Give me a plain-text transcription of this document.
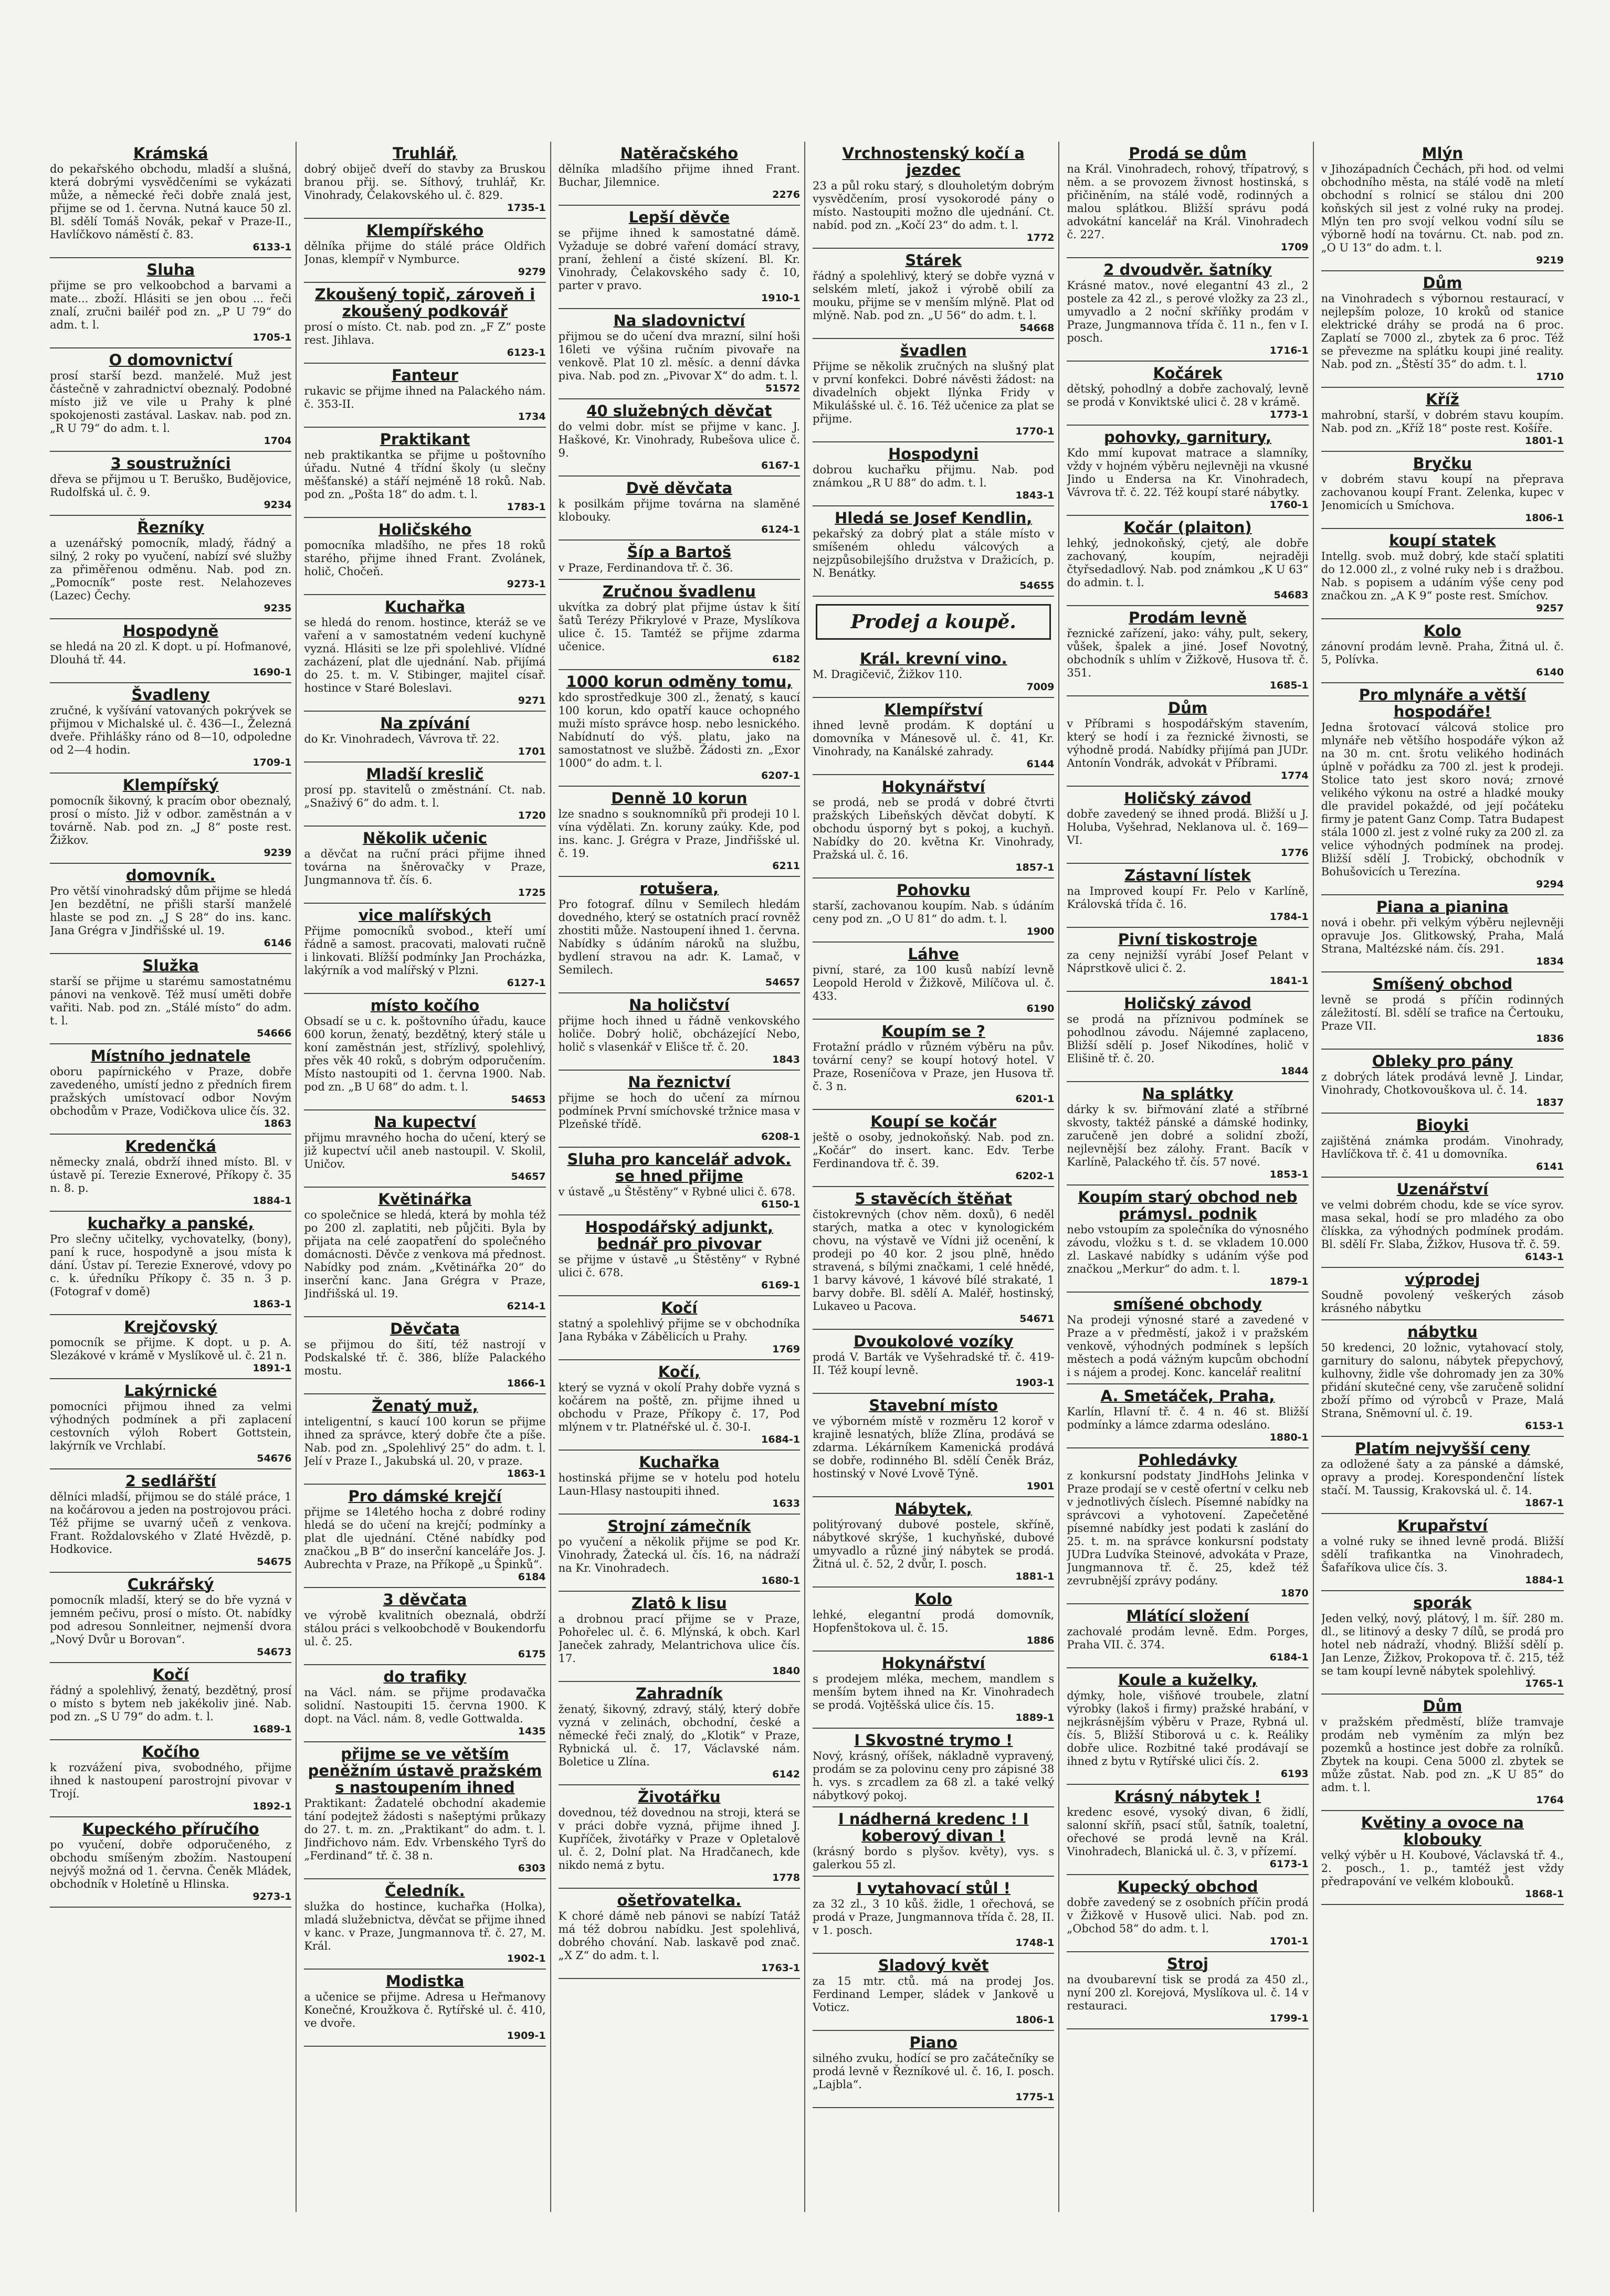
Krámská

do pekařského obchodu, mladší a slušná, která dobrými vysvědčeními se vykázati může, a německé řeči dobře znalá jest, přijme se od 1. června. Nutná kauce 50 zl. Bl. sdělí Tomáš Novák, pekař v Praze-II., Havlíčkovo náměstí č. 83.

6133-1
Sluha

přijme se pro velkoobchod a barvami a mate... zboží. Hlásiti se jen obou ... řeči znalí, zručni bailéř pod zn. „P U 79“ do adm. t. l.

1705-1
O domovnictví

prosí starší bezd. manželé. Muž jest částečně v zahradnictví obeznalý. Podobné místo již ve vile u Prahy k plné spokojenosti zastával. Laskav. nab. pod zn. „R U 79“ do adm. t. l.

1704
3 soustružníci

dřeva se přijmou u T. Beruško, Budějovice, Rudolfská ul. č. 9.

9234
Řezníky

a uzenářský pomocník, mladý, řádný a silný, 2 roky po vyučení, nabízí své služby za přiměřenou odměnu. Nab. pod zn. „Pomocník“ poste rest. Nelahozeves (Lazec) Čechy.

9235
Hospodyně

se hledá na 20 zl. K dopt. u pí. Hofmanové, Dlouhá tř. 44.

1690-1
Švadleny

zručné, k vyšívání vatovaných pokrývek se přijmou v Michalské ul. č. 436—I., Železná dveře. Přihlášky ráno od 8—10, odpoledne od 2—4 hodin.

1709-1
Klempířský

pomocník šikovný, k pracím obor obeznalý, prosí o místo. Již v odbor. zaměstnán a v továrně. Nab. pod zn. „J 8“ poste rest. Žižkov.

9239
domovník.

Pro větší vinohradský dům přijme se hledá Jen bezdětní, ne přišli starší manželé hlaste se pod zn. „J S 28“ do ins. kanc. Jana Grégra v Jindřišské ul. 19.

6146
Služka

starší se přijme u starému samostatnému pánovi na venkově. Též musí uměti dobře vařiti. Nab. pod zn. „Stálé místo“ do adm. t. l.

54666
Místního jednatele

oboru papírnického v Praze, dobře zavedeného, umístí jedno z předních firem pražských umístovací odbor Novým obchodům v Praze, Vodičkova ulice čís. 32.

1863
Kredenčká

německy znalá, obdrží ihned místo. Bl. v ústavě pí. Terezie Exnerové, Příkopy č. 35 n. 8. p.

1884-1
kuchařky a panské,

Pro slečny učitelky, vychovatelky, (bony), paní k ruce, hospodyně a jsou místa k dání. Ústav pí. Terezie Exnerové, vdovy po c. k. úředníku Příkopy č. 35 n. 3 p. (Fotograf v domě)

1863-1
Krejčovský

pomocník se přijme. K dopt. u p. A. Slezákové v krámě v Myslíkově ul. č. 21 n.

1891-1
Lakýrnické

pomocníci přijmou ihned za velmi výhodných podmínek a při zaplacení cestovních výloh Robert Gottstein, lakýrník ve Vrchlabí.

54676
2 sedlářští

dělníci mladší, přijmou se do stálé práce, 1 na kočárovou a jeden na postrojovou práci. Též přijme se uvarný učeň z venkova. Frant. Roždalovského v Zlaté Hvězdě, p. Hodkovice.

54675
Cukrářský

pomocník mladší, který se do bře vyzná v jemném pečivu, prosí o místo. Ot. nabídky pod adresou Sonnleitner, nejmenší dvora „Nový Dvůr u Borovan“.

54673
Kočí

řádný a spolehlivý, ženatý, bezdětný, prosí o místo s bytem neb jakékoliv jiné. Nab. pod zn. „S U 79“ do adm. t. l.

1689-1
Kočího

k rozvážení piva, svobodného, přijme ihned k nastoupení parostrojní pivovar v Trojí.

1892-1
Kupeckého příručího

po vyučení, dobře odporučeného, z obchodu smíšeným zbožím. Nastoupení nejvýš možná od 1. června. Čeněk Mládek, obchodník v Holetíně u Hlinska.

9273-1
Truhlář,

dobrý obiječ dveří do stavby za Bruskou branou přij. se. Síthový, truhlář, Kr. Vinohrady, Čelakovského ul. č. 829.

1735-1
Klempířského

dělníka přijme do stálé práce Oldřich Jonas, klempíř v Nymburce.

9279
Zkoušený topič, zároveň i zkoušený podkovář

prosí o místo. Ct. nab. pod zn. „F Z“ poste rest. Jihlava.

6123-1
Fanteur

rukavic se přijme ihned na Palackého nám. č. 353-II.

1734
Praktikant

neb praktikantka se přijme u poštovního úřadu. Nutné 4 třídní školy (u slečny měšťanské) a stáří nejméně 18 roků. Nab. pod zn. „Pošta 18“ do adm. t. l.

1783-1
Holičského

pomocníka mladšího, ne přes 18 roků starého, přijme ihned Frant. Zvolánek, holič, Chočeň.

9273-1
Kuchařka

se hledá do renom. hostince, kteráž se ve vaření a v samostatném vedení kuchyně vyzná. Hlásiti se lze při spolehlivé. Vlídné zacházení, plat dle ujednání. Nab. přijímá do 25. t. m. V. Stibinger, majitel císař. hostince v Staré Boleslavi.

9271
Na zpívání

do Kr. Vinohradech, Vávrova tř. 22.

1701
Mladší kreslič

prosí pp. stavitelů o změstnání. Ct. nab. „Snaživý 6“ do adm. t. l.

1720
Několik učenic

a děvčat na ruční práci přijme ihned továrna na šněrovačky v Praze, Jungmannova tř. čís. 6.

1725
vice malířských

Přijme pomocníků svobod., kteří umí řádně a samost. pracovati, malovati ručně i linkovati. Blížší podmínky Jan Procházka, lakýrník a vod malířský v Plzni.

6127-1
místo kočího

Obsadí se u c. k. poštovního úřadu, kauce 600 korun, ženatý, bezdětný, který stále u koní zaměstnán jest, střízlivý, spolehlivý, přes věk 40 roků, s dobrým odporučením. Místo nastoupiti od 1. června 1900. Nab. pod zn. „B U 68“ do adm. t. l.

54653
Na kupectví

přijmu mravného hocha do učení, který se již kupectví učil aneb nastoupil. V. Skolil, Uničov.

54657
Květinářka

co společnice se hledá, která by mohla též po 200 zl. zaplatiti, neb půjčiti. Byla by přijata na celé zaopatření do společného domácnosti. Děvče z venkova má přednost. Nabídky pod znám. „Květinářka 20“ do inserční kanc. Jana Grégra v Praze, Jindřišská ul. 19.

6214-1
Děvčata

se přijmou do šití, též nastrojí v Podskalské tř. č. 386, blíže Palackého mostu.

1866-1
Ženatý muž,

inteligentní, s kaucí 100 korun se přijme ihned za správce, který dobře čte a píše. Nab. pod zn. „Spolehlivý 25“ do adm. t. l. Jelí v Praze I., Jakubská ul. 20, v praze.

1863-1
Pro dámské krejčí

přijme se 14letého hocha z dobré rodiny hledá se do učení na krejčí; podmínky a plat dle ujednání. Ctěné nabídky pod značkou „B B“ do inserční kanceláře Jos. J. Aubrechta v Praze, na Příkopě „u Špinků“.

6184
3 děvčata

ve výrobě kvalitních obeznalá, obdrží stálou práci s velkoobchodě v Boukendorfu ul. č. 25.

6175
do trafiky

na Václ. nám. se přijme prodavačka solidní. Nastoupiti 15. června 1900. K dopt. na Václ. nám. 8, vedle Gottwalda.

1435
přijme se ve větším peněžním ústavě pražském s nastoupením ihned

Praktikant: Žadatelé obchodní akademie tání podejtež žádosti s našeptými průkazy do 27. t. m. zn. „Praktikant“ do adm. t. l. Jindřichovo nám. Edv. Vrbenského Tyrš do „Ferdinand“ tř. č. 38 n.

6303
Čeledník.

služka do hostince, kuchařka (Holka), mladá služebnictva, děvčat se přijme ihned v kanc. v Praze, Jungmannova tř. č. 27, M. Král.

1902-1
Modistka

a učenice se přijme. Adresa u Heřmanovy Konečné, Kroužkova č. Rytířské ul. č. 410, ve dvoře.

1909-1
Natěračského

dělníka mladšího přijme ihned Frant. Buchar, Jilemnice.

2276
Lepší děvče

se přijme ihned k samostatné dámě. Vyžaduje se dobré vaření domácí stravy, praní, žehlení a čisté skízení. Bl. Kr. Vinohrady, Čelakovského sady č. 10, parter v pravo.

1910-1
Na sladovnictví

přijmou se do učení dva mrazní, silní hoši 16leti ve výšina ručním pivovaře na venkově. Plat 10 zl. měsíc. a denní dávka piva. Nab. pod zn. „Pivovar X“ do adm. t. l.

51572
40 služebných děvčat

do velmi dobr. míst se přijme v kanc. J. Haškové, Kr. Vinohrady, Rubešova ulice č. 9.

6167-1
Dvě děvčata

k posilkám přijme továrna na slaměné klobouky.

6124-1
Šíp a Bartoš

v Praze, Ferdinandova tř. č. 36.

Zručnou švadlenu

ukvítka za dobrý plat přijme ústav k šití šatů Terézy Přikrylové v Praze, Myslíkova ulice č. 15. Tamtéž se přijme zdarma učenice.

6182
1000 korun odměny tomu,

kdo sprostředkuje 300 zl., ženatý, s kaucí 100 korun, kdo opatří kauce ochopného muži místo správce hosp. nebo lesnického. Nabídnutí do výš. platu, jako na samostatnost ve službě. Žádosti zn. „Exor 1000“ do adm. t. l.

6207-1
Denně 10 korun

lze snadno s souknomníků při prodeji 10 l. vína výdělati. Zn. koruny zaúky. Kde, pod ins. kanc. J. Grégra v Praze, Jindřišské ul. č. 19.

6211
rotušera,

Pro fotograf. dílnu v Semilech hledám dovedného, který se ostatních prací rovněž zhostiti může. Nastoupení ihned 1. června. Nabídky s údáním nároků na službu, bydlení stravou na adr. K. Lamač, v Semilech.

54657
Na holičství

přijme hoch ihned u řádně venkovského holiče. Dobrý holič, obcházející Nebo, holič s vlasenkář v Elišce tř. č. 20.

1843
Na řeznictví

přijme se hoch do učení za mírnou podmínek První smíchovské tržnice masa v Plzeňské třídě.

6208-1
Sluha pro kancelář advok. se hned přijme

v ústavě „u Štěstěny“ v Rybné ulici č. 678.

6150-1
Hospodářský adjunkt, bednář pro pivovar

se přijme v ústavě „u Štěstěny“ v Rybné ulici č. 678.

6169-1
Kočí

statný a spolehlivý přijme se v obchodníka Jana Rybáka v Zábělicích u Prahy.

1769
Kočí,

který se vyzná v okolí Prahy dobře vyzná s kočárem na poště, zn. přijme ihned u obchodu v Praze, Příkopy č. 17, Pod mlýnem v tr. Platnéřské ul. č. 30-I.

1684-1
Kuchařka

hostinská přijme se v hotelu pod hotelu Laun-Hlasy nastoupiti ihned.

1633
Strojní zámečník

po vyučení a několik přijme se pod Kr. Vinohrady, Žatecká ul. čís. 16, na nádraží na Kr. Vinohradech.

1680-1
Zlatô k lisu

a drobnou prací přijme se v Praze, Pohořelec ul. č. 6. Mlýnská, k obch. Karl Janeček zahrady, Melantrichova ulice čís. 17.

1840
Zahradník

ženatý, šikovný, zdravý, stálý, který dobře vyzná v zelinách, obchodní, české a německé řeči znalý, do „Klotik“ v Praze, Rybnická ul. č. 17, Václavské nám. Boletice u Zlína.

6142
Životářku

dovednou, též dovednou na stroji, která se v práci dobře vyzná, přijme ihned J. Kupříček, životářky v Praze v Opletalově ul. č. 2, Dolní plat. Na Hradčanech, kde nikdo nemá z bytu.

1778
ošetřovatelka.

K choré dámě neb pánovi se nabízí Tatáž má též dobrou nabídku. Jest spolehlivá, dobrého chování. Nab. laskavě pod znač. „X Z“ do adm. t. l.

1763-1
Vrchnostenský kočí a jezdec

23 a půl roku starý, s dlouholetým dobrým vysvědčením, prosí vysokorodé pány o místo. Nastoupiti možno dle ujednání. Ct. nabíd. pod zn. „Kočí 23“ do adm. t. l.

1772
Stárek

řádný a spolehlivý, který se dobře vyzná v selském mletí, jakož i výrobě obilí za mouku, přijme se v menším mlýně. Plat od mlýně. Nab. pod zn. „U 56“ do adm. t. l.

54668
švadlen

Přijme se několik zručných na slušný plat v první konfekci. Dobré návěsti žádost: na divadelních objekt Ilýnka Fridy v Mikulášské ul. č. 16. Též učenice za plat se přijme.

1770-1
Hospodyni

dobrou kuchařku přijmu. Nab. pod známkou „R U 88“ do adm. t. l.

1843-1
Hledá se Josef Kendlin,

pekařský za dobrý plat a stále místo v smíšeném ohledu válcových a nejzpůsobilejšího družstva v Dražicích, p. N. Benátky.

54655
Prodej a koupě.
Král. krevní vino.

M. Dragičevič, Žižkov 110.

7009
Klempířství

ihned levně prodám. K doptání u domovníka v Mánesově ul. č. 41, Kr. Vinohrady, na Kanálské zahrady.

6144
Hokynářství

se prodá, neb se prodá v dobré čtvrti pražských Libeňských děvčat dobytí. K obchodu úsporný byt s pokoj, a kuchyň. Nabídky do 20. května Kr. Vinohrady, Pražská ul. č. 16.

1857-1
Pohovku

starší, zachovanou koupím. Nab. s údáním ceny pod zn. „O U 81“ do adm. t. l.

1900
Láhve

pivní, staré, za 100 kusů nabízí levně Leopold Herold v Žižkově, Milíčova ul. č. 433.

6190
Koupím se ?

Frotažní prádlo v různém výběru na pův. tovární ceny? se koupí hotový hotel. V Praze, Roseníčova v Praze, jen Husova tř. č. 3 n.

6201-1
Koupí se kočár

ještě o osoby, jednokoňský. Nab. pod zn. „Kočár“ do insert. kanc. Edv. Terbe Ferdinandova tř. č. 39.

6202-1
5 stavěcích štěňat

čistokrevných (chov něm. doxů), 6 neděl starých, matka a otec v kynologickém chovu, na výstavě ve Vídni již ocenění, k prodeji po 40 kor. 2 jsou plně, hnědo stravená, s bílými značkami, 1 celé hnědé, 1 barvy kávové, 1 kávové bílé strakaté, 1 barvy dobře. Bl. sdělí A. Maléř, hostinský, Lukaveo u Pacova.

54671
Dvoukolové vozíky

prodá V. Barták ve Vyšehradské tř. č. 419-II. Též koupí levně.

1903-1
Stavební místo

ve výborném místě v rozměru 12 koroř v krajině lesnatých, blíže Zlína, prodává se zdarma. Lékárníkem Kamenická prodává se dobře, rodinného Bl. sdělí Čeněk Bráz, hostinský v Nové Lvově Týně.

1901
Nábytek,

politýrovaný dubové postele, skříně, nábytkové skrýše, 1 kuchyňské, dubové umyvadlo a různé jiný nábytek se prodá. Žitná ul. č. 52, 2 dvůr, I. posch.

1881-1
Kolo

lehké, elegantní prodá domovník, Hopfenštokova ul. č. 15.

1886
Hokynářství

s prodejem mléka, mechem, mandlem s menším bytem ihned na Kr. Vinohradech se prodá. Vojtěšská ulice čís. 15.

1889-1
I Skvostné trymo !

Nový, krásný, oříšek, nákladně vypravený, prodám se za polovinu ceny pro zápisné 38 h. vys. s zrcadlem za 68 zl. a také velký nábytkový pokoj.

I nádherná kredenc ! I koberový divan !

(krásný bordo s plyšov. květy), vys. s galerkou 55 zl.

I vytahovací stůl !

za 32 zl., 3 10 kůš. židle, 1 ořechová, se prodá v Praze, Jungmannova třída č. 28, II. v 1. posch.

1748-1
Sladový květ

za 15 mtr. ctů. má na prodej Jos. Ferdinand Lemper, sládek v Jankově u Voticz.

1806-1
Piano

silného zvuku, hodící se pro začátečníky se prodá levně v Řezníkové ul. č. 16, I. posch. „Lajbla“.

1775-1
Prodá se dům

na Král. Vinohradech, rohový, třípatrový, s něm. a se provozem živnost hostinská, s přičiněním, na stálé vodě, rodinných a malou splátkou. Bližší správu podá advokátní kancelář na Král. Vinohradech č. 227.

1709
2 dvoudvěr. šatníky

Krásné matov., nové elegantní 43 zl., 2 postele za 42 zl., s perové vložky za 23 zl., umyvadlo a 2 noční skříňky prodám v Praze, Jungmannova třída č. 11 n., fen v I. posch.

1716-1
Kočárek

dětský, pohodlný a dobře zachovalý, levně se prodá v Konviktské ulici č. 28 v krámě.

1773-1
pohovky, garnitury,

Kdo mmí kupovat matrace a slamníky, vždy v hojném výběru nejlevněji na vkusné Jindo u Endersa na Kr. Vinohradech, Vávrova tř. č. 22. Též koupí staré nábytky.

1760-1
Kočár (plaiton)

lehký, jednokoňský, cjetý, ale dobře zachovaný, koupím, nejraději čtyřsedadlový. Nab. pod známkou „K U 63“ do admin. t. l.

54683
Prodám levně

řeznické zařízení, jako: váhy, pult, sekery, vůšek, špalek a jiné. Josef Novotný, obchodník s uhlím v Žižkově, Husova tř. č. 351.

1685-1
Dům

v Příbrami s hospodářským stavením, který se hodí i za řeznické živnosti, se výhodně prodá. Nabídky přijímá pan JUDr. Antonín Vondrák, advokát v Příbrami.

1774
Holičský závod

dobře zavedený se ihned prodá. Bližší u J. Holuba, Vyšehrad, Neklanova ul. č. 169—VI.

1776
Zástavní lístek

na Improved koupí Fr. Pelo v Karlíně, Královská třída č. 16.

1784-1
Pivní tiskostroje

za ceny nejnižší vyrábí Josef Pelant v Náprstkově ulici č. 2.

1841-1
Holičský závod

se prodá na příznivou podmínek se pohodlnou závodu. Nájemné zaplaceno, Bližší sdělí p. Josef Nikodínes, holič v Elišině tř. č. 20.

1844
Na splátky

dárky k sv. biřmování zlaté a stříbrné skvosty, taktéž pánské a dámské hodinky, zaručeně jen dobré a solidní zboží, nejlevnější bez zálohy. Frant. Bacík v Karlíně, Palackého tř. čís. 57 nové.

1853-1
Koupím starý obchod neb prámysl. podnik

nebo vstoupím za společníka do výnosného závodu, vložku s t. d. se vkladem 10.000 zl. Laskavé nabídky s udáním výše pod značkou „Merkur“ do adm. t. l.

1879-1
smíšené obchody

Na prodeji výnosné staré a zavedené v Praze a v předměstí, jakož i v pražském venkově, výhodných podmínek s lepších městech a podá vážným kupcům obchodní i s nájem a prodej. Konc. kancelář realitní

A. Smetáček, Praha,

Karlín, Hlavní tř. č. 4 n. 46 st. Bližší podmínky a lámce zdarma odesláno.

1880-1
Pohledávky

z konkursní podstaty JindHohs Jelinka v Praze prodají se v cestě ofertní v celku neb v jednotlivých číslech. Písemné nabídky na správcovi a vyhotovení. Zapečetěné písemné nabídky jest podati k zaslání do 25. t. m. na správce konkursní podstaty JUDra Ludvíka Steinové, advokáta v Praze, Jungmannova tř. č. 25, kdež též zevrubnější zprávy podány.

1870
Mlátící složení

zachovalé prodám levně. Edm. Porges, Praha VII. č. 374.

6184-1
Koule a kuželky,

dýmky, hole, višňové troubele, zlatní výrobky (lakoš i firmy) pražské hrabání, v nejkrásnějším výběru v Praze, Rybná ul. čís. 5, Bližší Stiborová u c. k. Reáliky dobře ulice. Rozbitné také prodávají se ihned z bytu v Rytířské ulici čís. 2.

6193
Krásný nábytek !

kredenc esové, vysoký divan, 6 židlí, salonní skříň, psací stůl, šatník, toaletní, ořechové se prodá levně na Král. Vinohradech, Blanická ul. č. 3, v přízemí.

6173-1
Kupecký obchod

dobře zavedený se z osobních příčin prodá v Žižkově v Husově ulici. Nab. pod zn. „Obchod 58“ do adm. t. l.

1701-1
Stroj

na dvoubarevní tisk se prodá za 450 zl., nyní 200 zl. Korejová, Myslíkova ul. č. 14 v restauraci.

1799-1
Mlýn

v Jihozápadních Čechách, při hod. od velmi obchodního města, na stálé vodě na mletí obchodní s rolnicí se stálou dni 200 koňských sil jest z volné ruky na prodej. Mlýn ten pro svojí velkou vodní sílu se výborně hodí na továrnu. Ct. nab. pod zn. „O U 13“ do adm. t. l.

9219
Dům

na Vinohradech s výbornou restaurací, v nejlepším poloze, 10 kroků od stanice elektrické dráhy se prodá na 6 proc. Zaplatí se 7000 zl., zbytek za 6 proc. Též se převezme na splátku koupi jiné reality. Nab. pod zn. „Štěstí 35“ do adm. t. l.

1710
Kříž

mahrobní, starší, v dobrém stavu koupím. Nab. pod zn. „Kříž 18“ poste rest. Košíře.

1801-1
Bryčku

v dobrém stavu koupí na přeprava zachovanou koupí Frant. Zelenka, kupec v Jenomicích u Smíchova.

1806-1
koupí statek

Intellg. svob. muž dobrý, kde stačí splatiti do 12.000 zl., z volné ruky neb i s dražbou. Nab. s popisem a udáním výše ceny pod značkou zn. „A K 9“ poste rest. Smíchov.

9257
Kolo

zánovní prodám levně. Praha, Žitná ul. č. 5, Polívka.

6140
Pro mlynáře a větší hospodáře!

Jedna šrotovací válcová stolice pro mlynáře neb většího hospodáře výkon až na 30 m. cnt. šrotu velikého hodinách úplně v pořádku za 700 zl. jest k prodeji. Stolice tato jest skoro nová; zrnové velikého výkonu na ostré a hladké mouky dle pravidel pokaždé, od její počáteku firmy je patent Ganz Comp. Tatra Budapest stála 1000 zl. jest z volné ruky za 200 zl. za velice výhodných podmínek na prodej. Bližší sdělí J. Trobický, obchodník v Bohušovicích u Terezína.

9294
Piana a pianina

nová i obehr. při velkým výběru nejlevněji opravuje Jos. Glitkowský, Praha, Malá Strana, Maltézské nám. čís. 291.

1834
Smíšený obchod

levně se prodá s příčin rodinných záležitostí. Bl. sdělí se trafice na Čertouku, Praze VII.

1836
Obleky pro pány

z dobrých látek prodává levně J. Lindar, Vinohrady, Chotkovouškova ul. č. 14.

1837
Bioyki

zajištěná známka prodám. Vinohrady, Havlíčkova tř. č. 41 u domovníka.

6141
Uzenářství

ve velmi dobrém chodu, kde se více syrov. masa sekal, hodí se pro mladého za obo člískka, za výhodných podmínek prodám. Bl. sdělí Fr. Slaba, Žižkov, Husova tř. č. 59.

6143-1
výprodej

Soudně povolený veškerých zásob krásného nábytku

nábytku

50 kredenci, 20 ložnic, vytahovací stoly, garnitury do salonu, nábytek přepychový, kulhovny, židle vše dohromady jen za 30% přidání skutečné ceny, vše zaručeně solidní zboží přímo od výrobců v Praze, Malá Strana, Sněmovní ul. č. 19.

6153-1
Platím nejvyšší ceny

za odložené šaty a za pánské a dámské, opravy a prodej. Korespondenční lístek stačí. M. Taussig, Krakovská ul. č. 14.

1867-1
Krupařství

a volné ruky se ihned levně prodá. Bližší sdělí trafikantka na Vinohradech, Šafaříkova ulice čís. 3.

1884-1
sporák

Jeden velký, nový, plátový, l m. šíř. 280 m. dl., se litinový a desky 7 dílů, se prodá pro hotel neb nádraží, vhodný. Bližší sdělí p. Jan Lenze, Žižkov, Prokopova tř. č. 215, též se tam koupí levně nábytek spolehlivý.

1765-1
Dům

v pražském předměstí, blíže tramvaje prodám neb vyměním za mlýn bez pozemků a hostince jest dobře za rolníků. Zbytek na koupi. Cena 5000 zl. zbytek se může zůstat. Nab. pod zn. „K U 85“ do adm. t. l.

1764
Květiny a ovoce na klobouky

velký výběr u H. Koubové, Václavská tř. 4., 2. posch., 1. p., tamtéž jest vždy předrapování ve velkém klobouků.

1868-1
